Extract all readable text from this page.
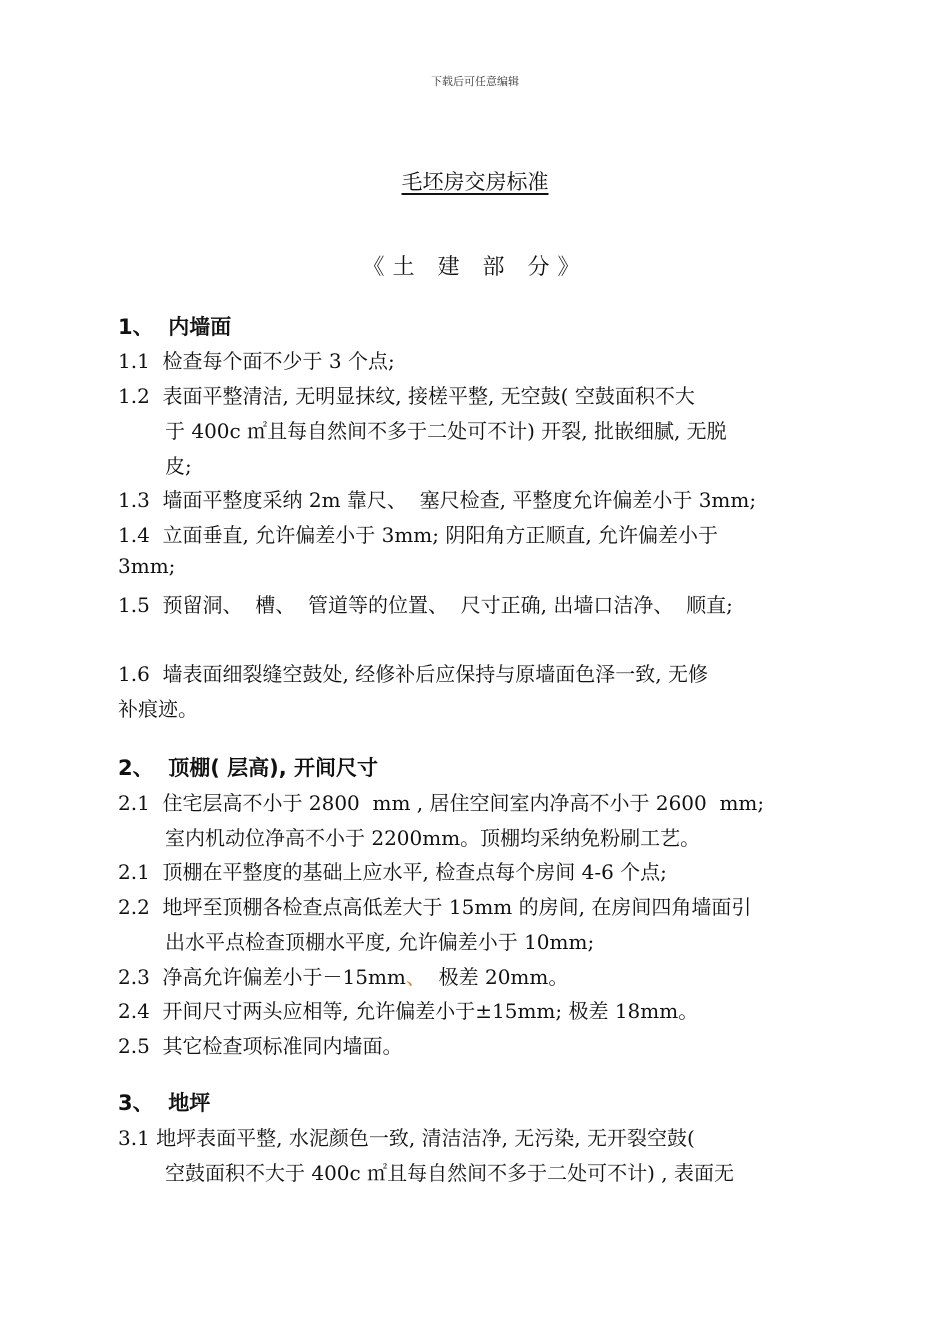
下载后可任意编辑
毛坯房交房标准
《土 建 部 分》
1、  内墙面
1.1  检查每个面不少于 3 个点;
1.2  表面平整清洁, 无明显抹纹, 接槎平整, 无空鼓( 空鼓面积不大
于 400c ㎡且每自然间不多于二处可不计) 开裂, 批嵌细腻, 无脱
皮;
1.3  墙面平整度采纳 2m 靠尺、  塞尺检查, 平整度允许偏差小于 3mm;
1.4  立面垂直, 允许偏差小于 3mm; 阴阳角方正顺直, 允许偏差小于
3mm;
1.5  预留洞、  槽、  管道等的位置、  尺寸正确, 出墙口洁净、  顺直;
1.6  墙表面细裂缝空鼓处, 经修补后应保持与原墙面色泽一致, 无修
补痕迹。
2、  顶棚( 层高), 开间尺寸
2.1  住宅层高不小于 2800  mm , 居住空间室内净高不小于 2600  mm;
室内机动位净高不小于 2200mm。顶棚均采纳免粉刷工艺。
2.1  顶棚在平整度的基础上应水平, 检查点每个房间 4-6 个点;
2.2  地坪至顶棚各检查点高低差大于 15mm 的房间, 在房间四角墙面引
出水平点检查顶棚水平度, 允许偏差小于 10mm;
2.3  净高允许偏差小于－15mm、  极差 20mm。
2.4  开间尺寸两头应相等, 允许偏差小于±15mm; 极差 18mm。
2.5  其它检查项标准同内墙面。
3、  地坪
3.1 地坪表面平整, 水泥颜色一致, 清洁洁净, 无污染, 无开裂空鼓(
空鼓面积不大于 400c ㎡且每自然间不多于二处可不计) , 表面无
